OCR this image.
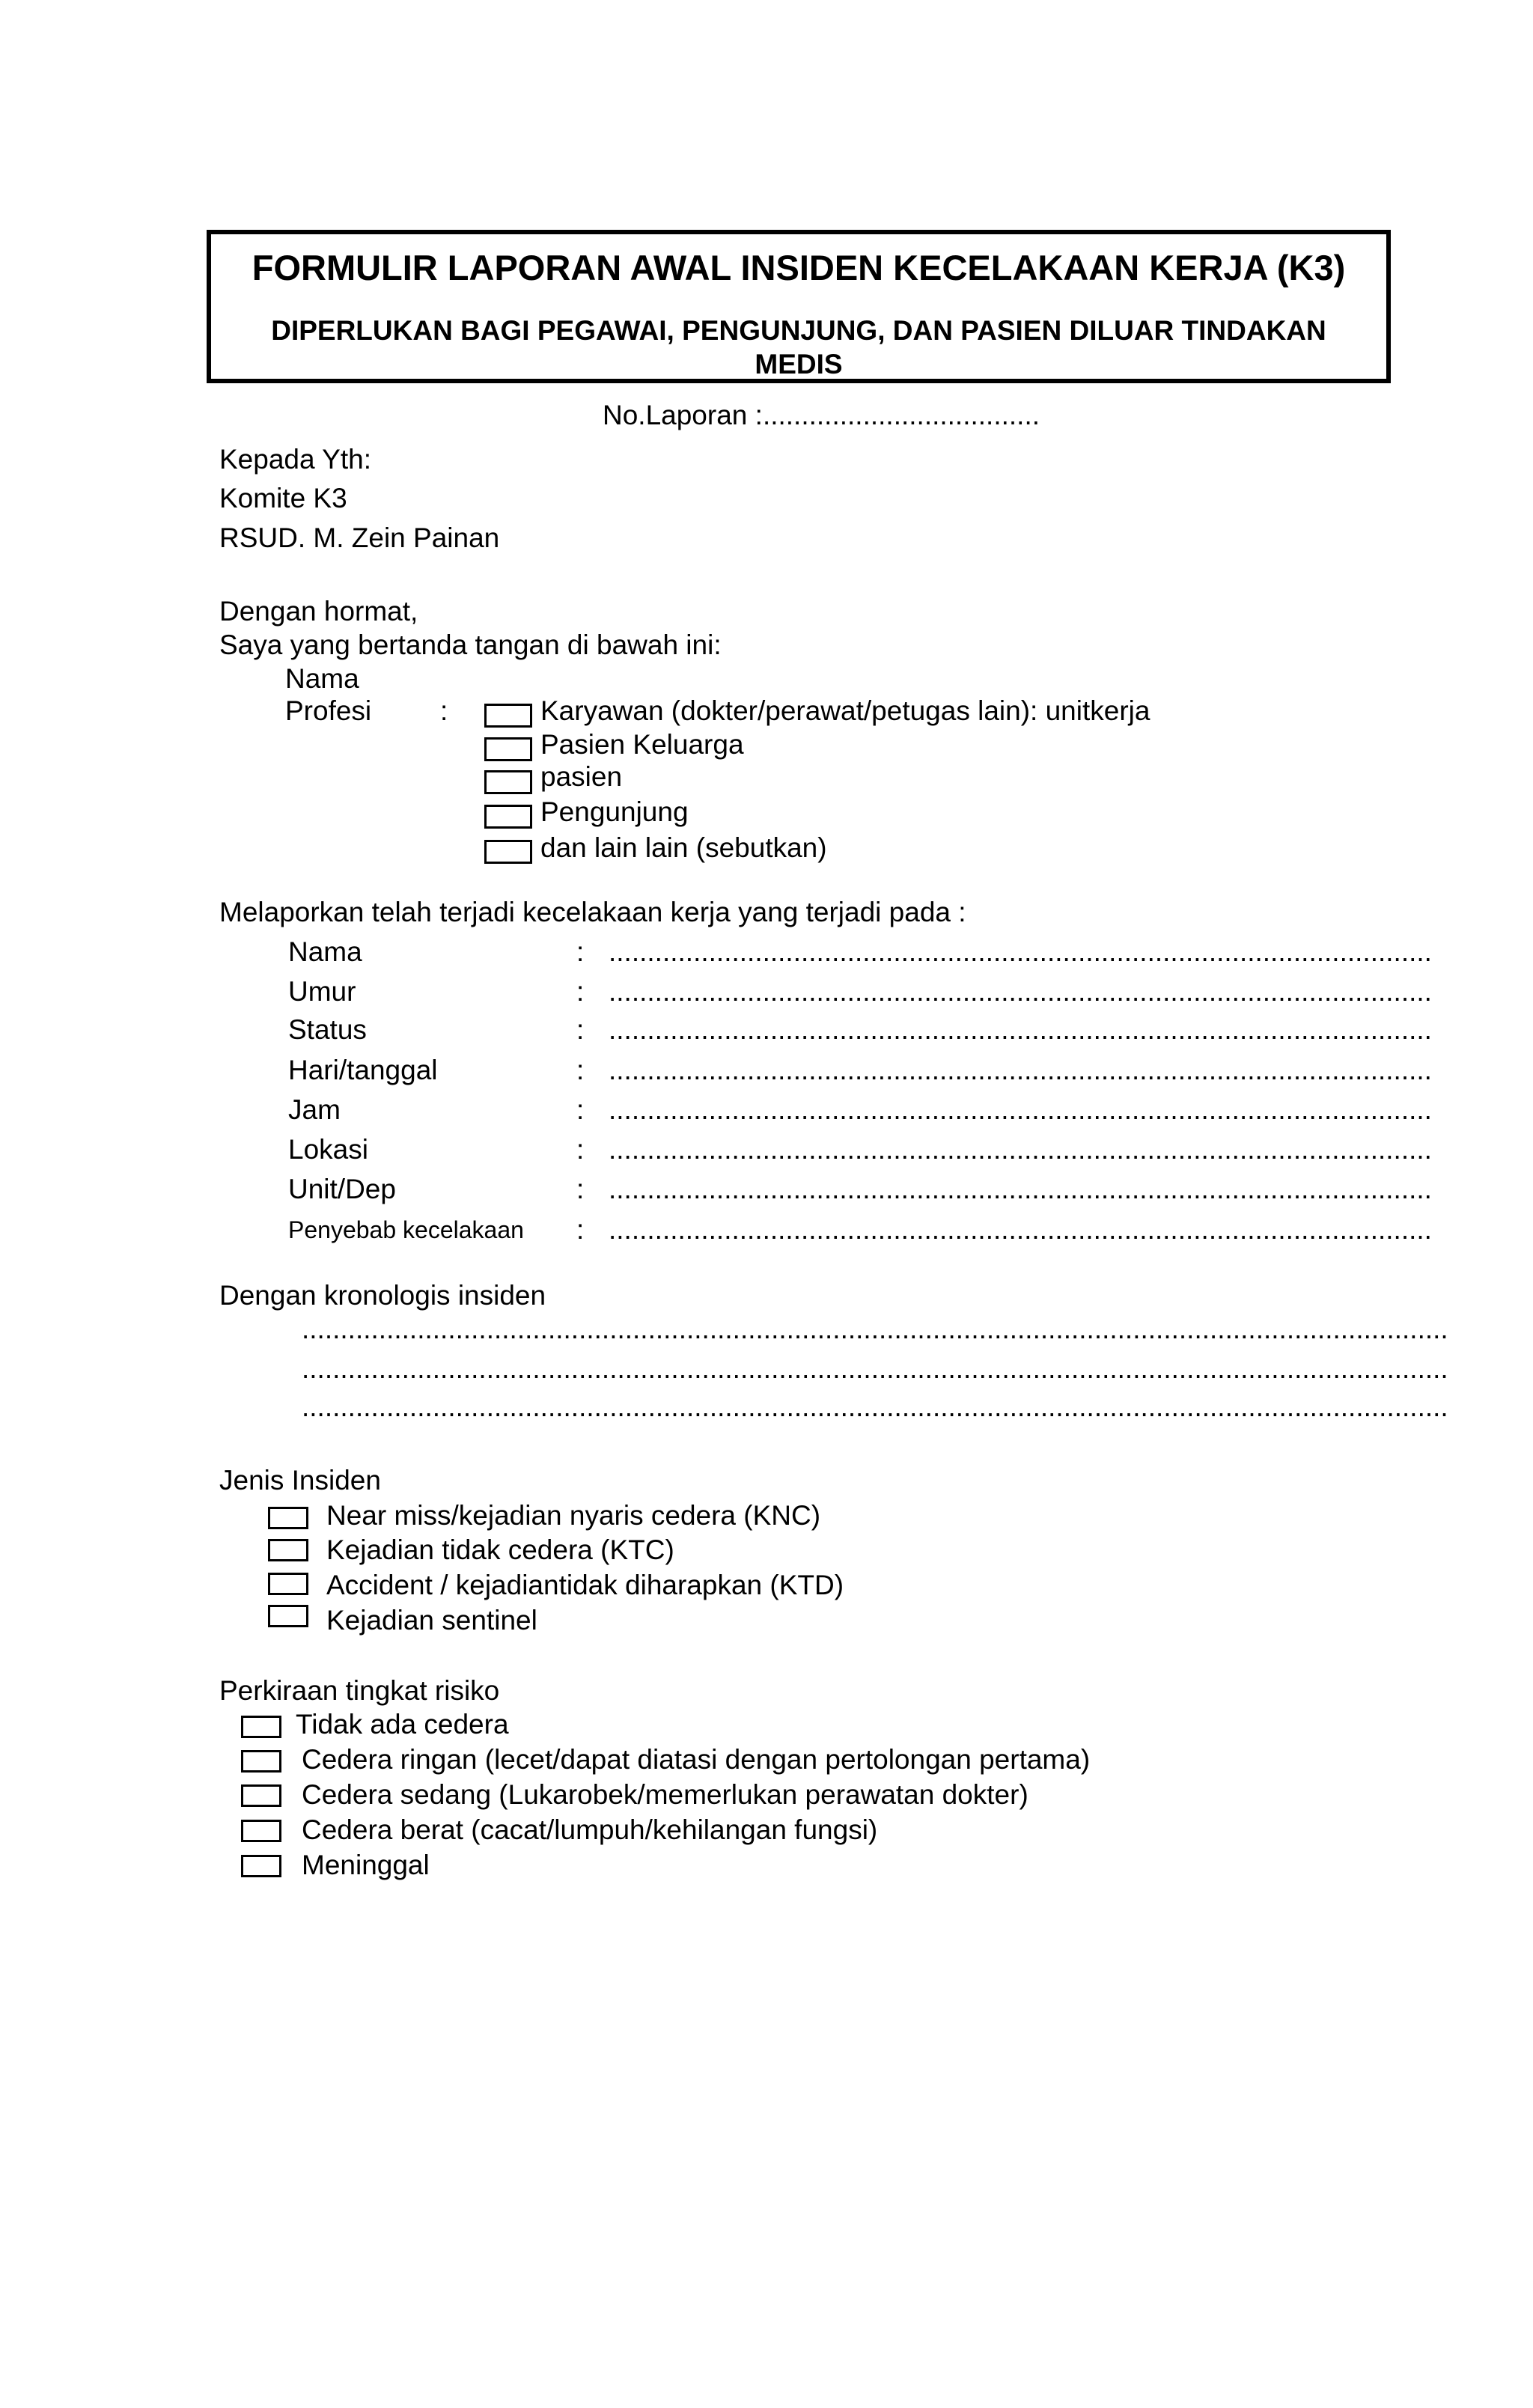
FORMULIR LAPORAN AWAL INSIDEN KECELAKAAN KERJA (K3)
DIPERLUKAN BAGI PEGAWAI, PENGUNJUNG, DAN PASIEN DILUAR TINDAKAN
MEDIS
No.Laporan :....................................
Kepada Yth:
Komite K3
RSUD. M. Zein Painan
Dengan hormat,
Saya yang bertanda tangan di bawah ini:
Nama
Profesi :	Karyawan (dokter/perawat/petugas lain): unitkerja
Pasien Keluarga
pasien
Pengunjung
dan lain lain (sebutkan)
Melaporkan telah terjadi kecelakaan kerja yang terjadi pada :
Nama	: ...........................................................................................................
Umur	: ...........................................................................................................
Status	: ...........................................................................................................
Hari/tanggal	: ...........................................................................................................
Jam	: ...........................................................................................................
Lokasi	: ...........................................................................................................
Unit/Dep	: ...........................................................................................................
Penyebab kecelakaan : ...........................................................................................................
Dengan kronologis insiden
.....................................................................................................................................................
.....................................................................................................................................................
.....................................................................................................................................................
Jenis Insiden
Near miss/kejadian nyaris cedera (KNC)
Kejadian tidak cedera (KTC)
Accident / kejadiantidak diharapkan (KTD)
Kejadian sentinel
Perkiraan tingkat risiko
Tidak ada cedera
Cedera ringan (lecet/dapat diatasi dengan pertolongan pertama)
Cedera sedang (Lukarobek/memerlukan perawatan dokter)
Cedera berat (cacat/lumpuh/kehilangan fungsi)
Meninggal
